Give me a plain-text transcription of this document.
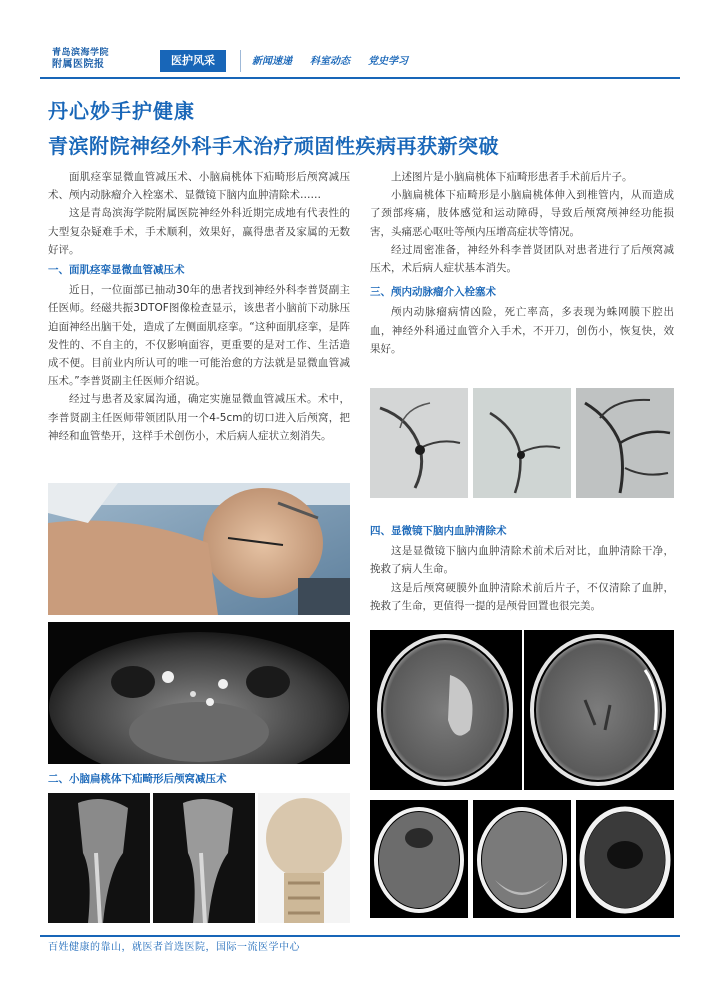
青岛滨海学院
附属医院报	医护风采	新闻速递 科室动态 党史学习
丹心妙手护健康
青滨附院神经外科手术治疗顽固性疾病再获新突破

面肌痉挛显微血管减压术、小脑扁桃体下疝畸形后颅窝减压术、颅内动脉瘤介入栓塞术、显微镜下脑内血肿清除术……

这是青岛滨海学院附属医院神经外科近期完成地有代表性的大型复杂疑难手术，手术顺利，效果好，赢得患者及家属的无数好评。

一、面肌痉挛显微血管减压术

近日，一位面部已抽动30年的患者找到神经外科李普贤副主任医师。经磁共振3DTOF图像检查显示，该患者小脑前下动脉压迫面神经出脑干处，造成了左侧面肌痉挛。“这种面肌痉挛，是阵发性的、不自主的，不仅影响面容，更重要的是对工作、生活造成不便。目前业内所认可的唯一可能治愈的方法就是显微血管减压术。”李普贤副主任医师介绍说。

经过与患者及家属沟通，确定实施显微血管减压术。术中，李普贤副主任医师带领团队用一个4-5cm的切口进入后颅窝，把神经和血管垫开，这样手术创伤小，术后病人症状立刻消失。

二、小脑扁桃体下疝畸形后颅窝减压术

上述图片是小脑扁桃体下疝畸形患者手术前后片子。

小脑扁桃体下疝畸形是小脑扁桃体伸入到椎管内，从而造成了颈部疼痛，肢体感觉和运动障碍，导致后颅窝颅神经功能损害，头痛恶心呕吐等颅内压增高症状等情况。

经过周密准备，神经外科李普贤团队对患者进行了后颅窝减压术，术后病人症状基本消失。

三、颅内动脉瘤介入栓塞术

颅内动脉瘤病情凶险，死亡率高，多表现为蛛网膜下腔出血，神经外科通过血管介入手术，不开刀，创伤小，恢复快，效果好。

四、显微镜下脑内血肿清除术

这是显微镜下脑内血肿清除术前术后对比，血肿清除干净，挽救了病人生命。

这是后颅窝硬膜外血肿清除术前后片子，不仅清除了血肿，挽救了生命，更值得一提的是颅骨回置也很完美。

百姓健康的靠山，就医者首选医院，国际一流医学中心
